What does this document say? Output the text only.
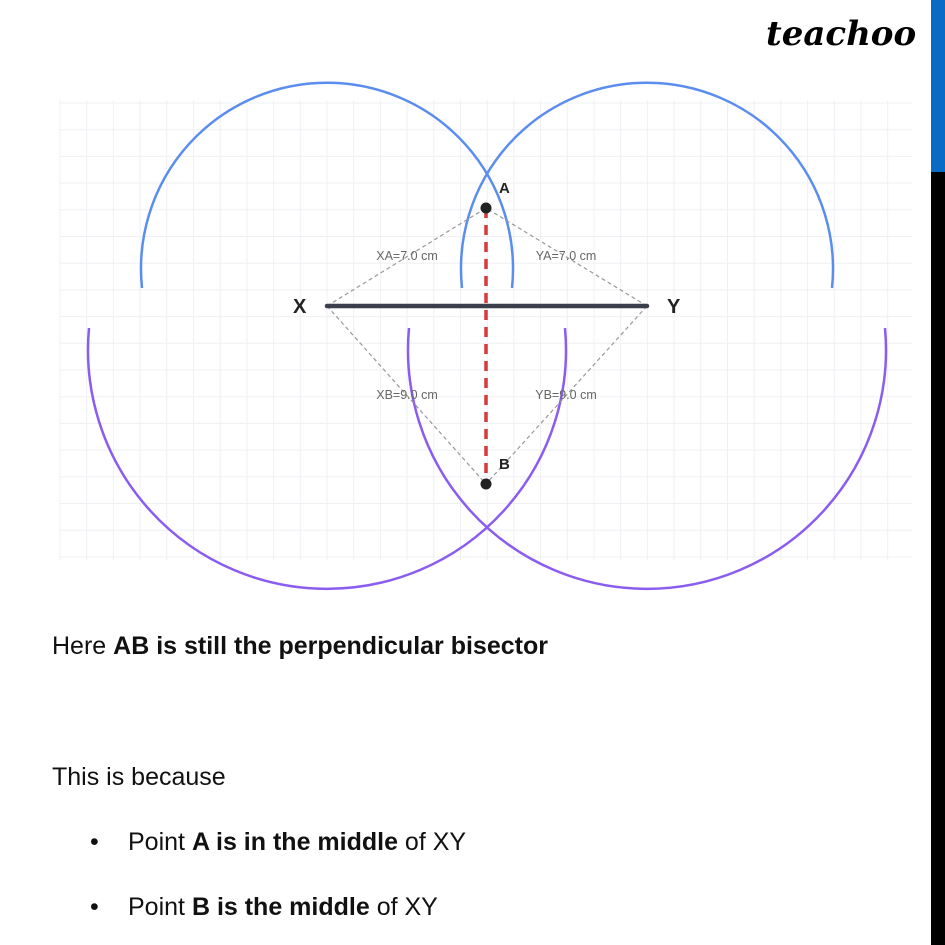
teachoo
X	Y
A
B
XA=7.0 cm	YA=7.0 cm
XB=9.0 cm	YB=9.0 cm
Here AB is still the perpendicular bisector
This is because
• Point A is in the middle of XY
• Point B is the middle of XY
